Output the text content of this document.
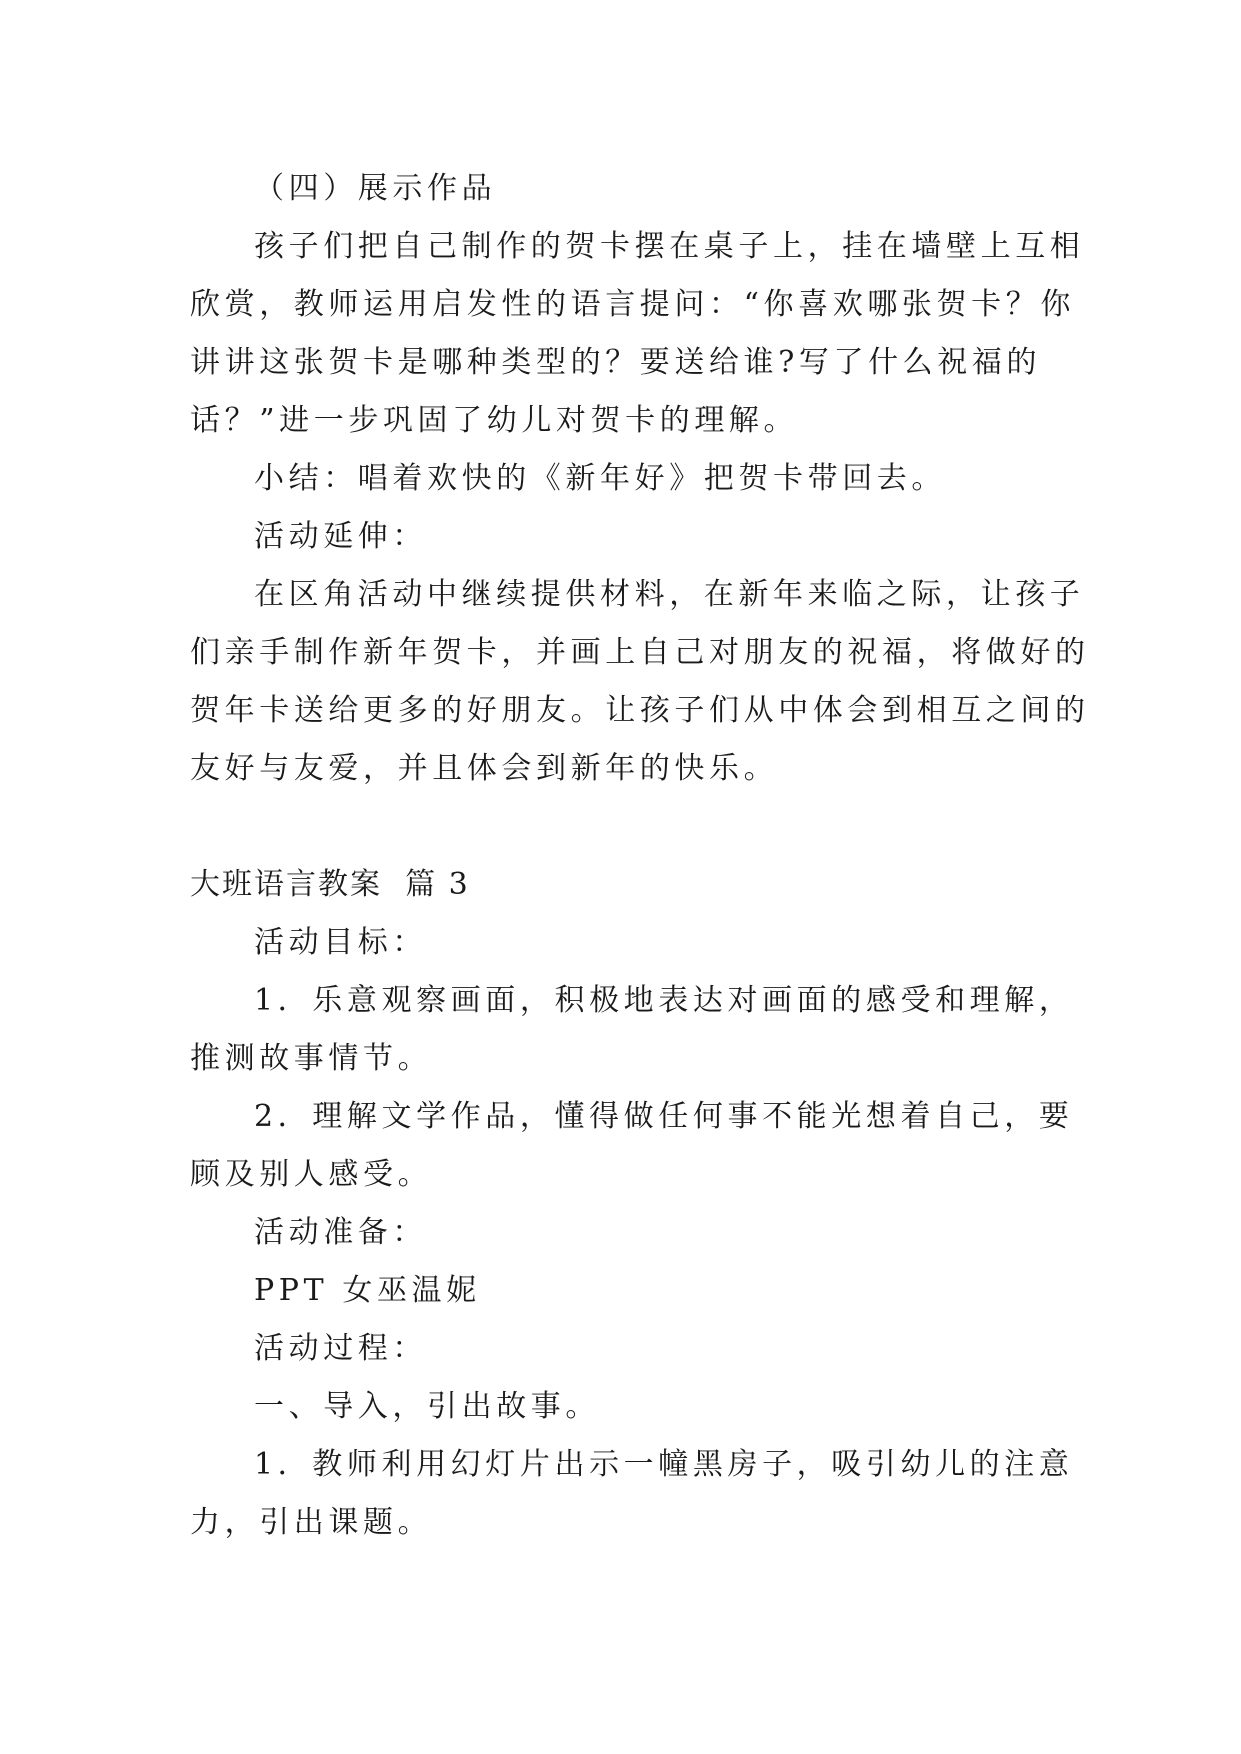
（四）展示作品

孩子们把自己制作的贺卡摆在桌子上，挂在墙壁上互相

欣赏，教师运用启发性的语言提问：“你喜欢哪张贺卡？你

讲讲这张贺卡是哪种类型的？要送给谁?写了什么祝福的

话？”进一步巩固了幼儿对贺卡的理解。

小结：唱着欢快的《新年好》把贺卡带回去。

活动延伸：

在区角活动中继续提供材料，在新年来临之际，让孩子

们亲手制作新年贺卡，并画上自己对朋友的祝福，将做好的

贺年卡送给更多的好朋友。让孩子们从中体会到相互之间的

友好与友爱，并且体会到新年的快乐。

大班语言教案  篇 3

活动目标：

1．乐意观察画面，积极地表达对画面的感受和理解，

推测故事情节。

2．理解文学作品，懂得做任何事不能光想着自己，要

顾及别人感受。

活动准备：

PPT 女巫温妮

活动过程：

一、导入，引出故事。

1．教师利用幻灯片出示一幢黑房子，吸引幼儿的注意

力，引出课题。
